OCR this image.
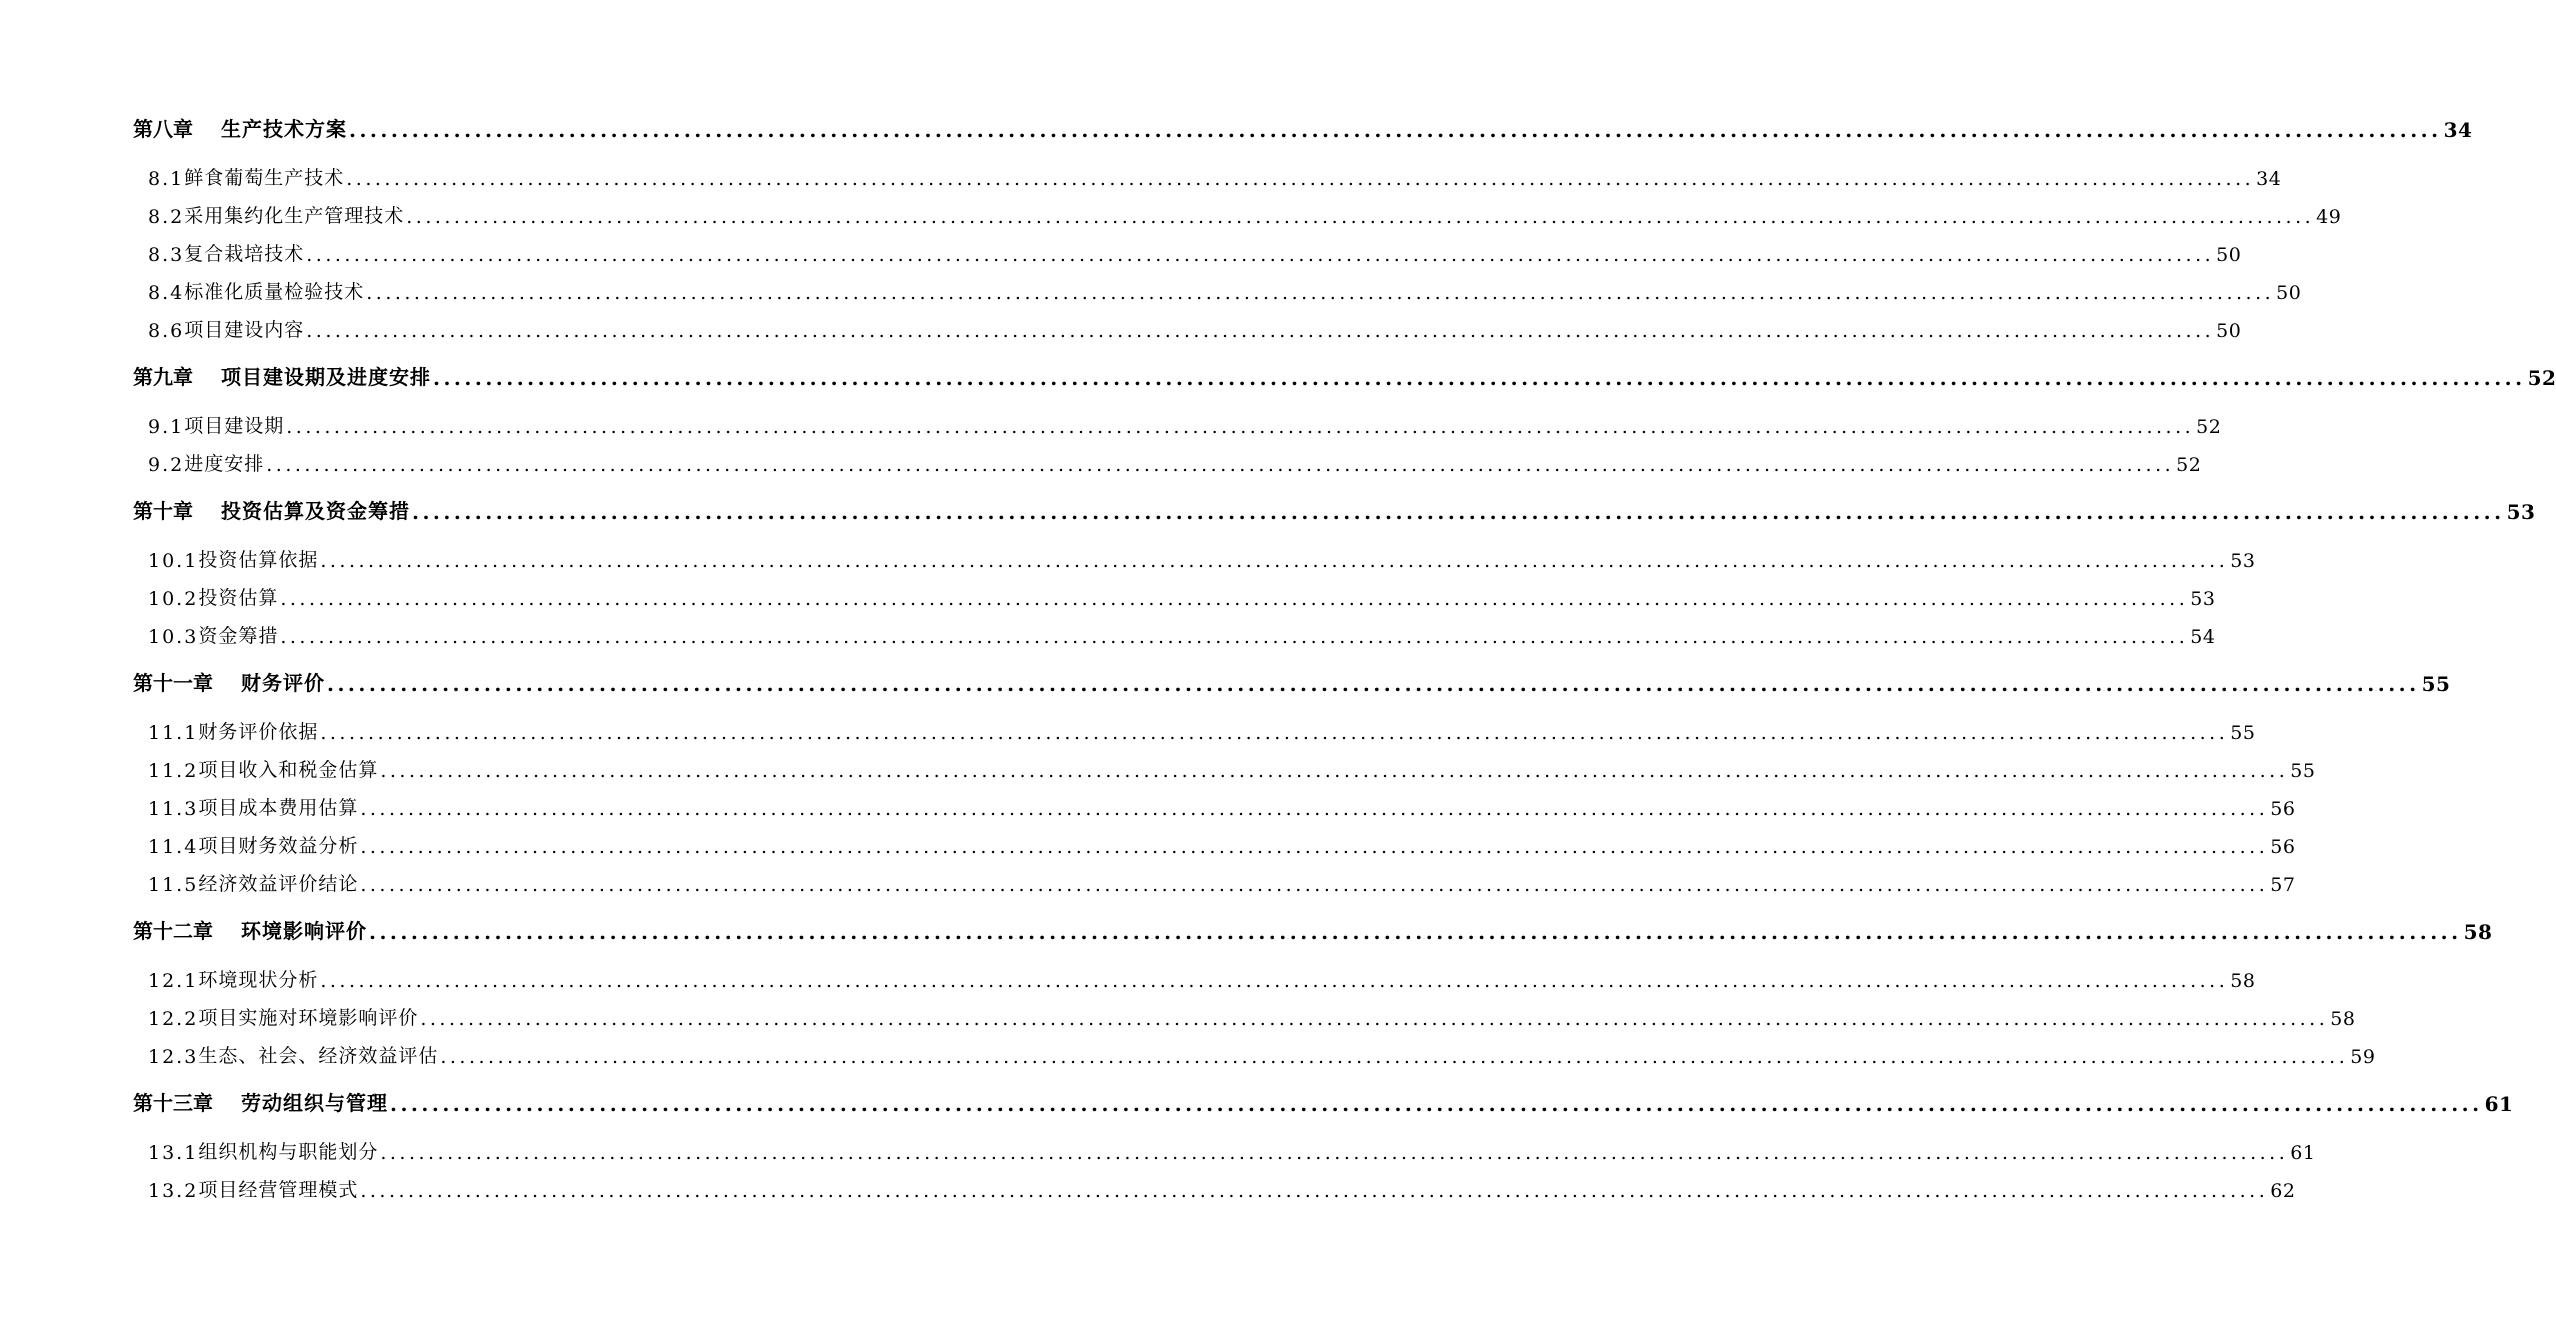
第八章 生产技术方案 ........................................................................................................................................................................................................ 34
8.1 鲜食葡萄生产技术 ........................................................................................................................................................................................................ 34
8.2 采用集约化生产管理技术 ........................................................................................................................................................................................................ 49
8.3 复合栽培技术 ........................................................................................................................................................................................................ 50
8.4 标准化质量检验技术 ........................................................................................................................................................................................................ 50
8.6 项目建设内容 ........................................................................................................................................................................................................ 50
第九章 项目建设期及进度安排 ........................................................................................................................................................................................................ 52
9.1 项目建设期 ........................................................................................................................................................................................................ 52
9.2 进度安排 ........................................................................................................................................................................................................ 52
第十章 投资估算及资金筹措 ........................................................................................................................................................................................................ 53
10.1 投资估算依据 ........................................................................................................................................................................................................ 53
10.2 投资估算 ........................................................................................................................................................................................................ 53
10.3 资金筹措 ........................................................................................................................................................................................................ 54
第十一章 财务评价 ........................................................................................................................................................................................................ 55
11.1 财务评价依据 ........................................................................................................................................................................................................ 55
11.2 项目收入和税金估算 ........................................................................................................................................................................................................ 55
11.3 项目成本费用估算 ........................................................................................................................................................................................................ 56
11.4 项目财务效益分析 ........................................................................................................................................................................................................ 56
11.5 经济效益评价结论 ........................................................................................................................................................................................................ 57
第十二章 环境影响评价 ........................................................................................................................................................................................................ 58
12.1 环境现状分析 ........................................................................................................................................................................................................ 58
12.2 项目实施对环境影响评价 ........................................................................................................................................................................................................ 58
12.3 生态、社会、经济效益评估 ........................................................................................................................................................................................................ 59
第十三章 劳动组织与管理 ........................................................................................................................................................................................................ 61
13.1 组织机构与职能划分 ........................................................................................................................................................................................................ 61
13.2 项目经营管理模式 ........................................................................................................................................................................................................ 62
